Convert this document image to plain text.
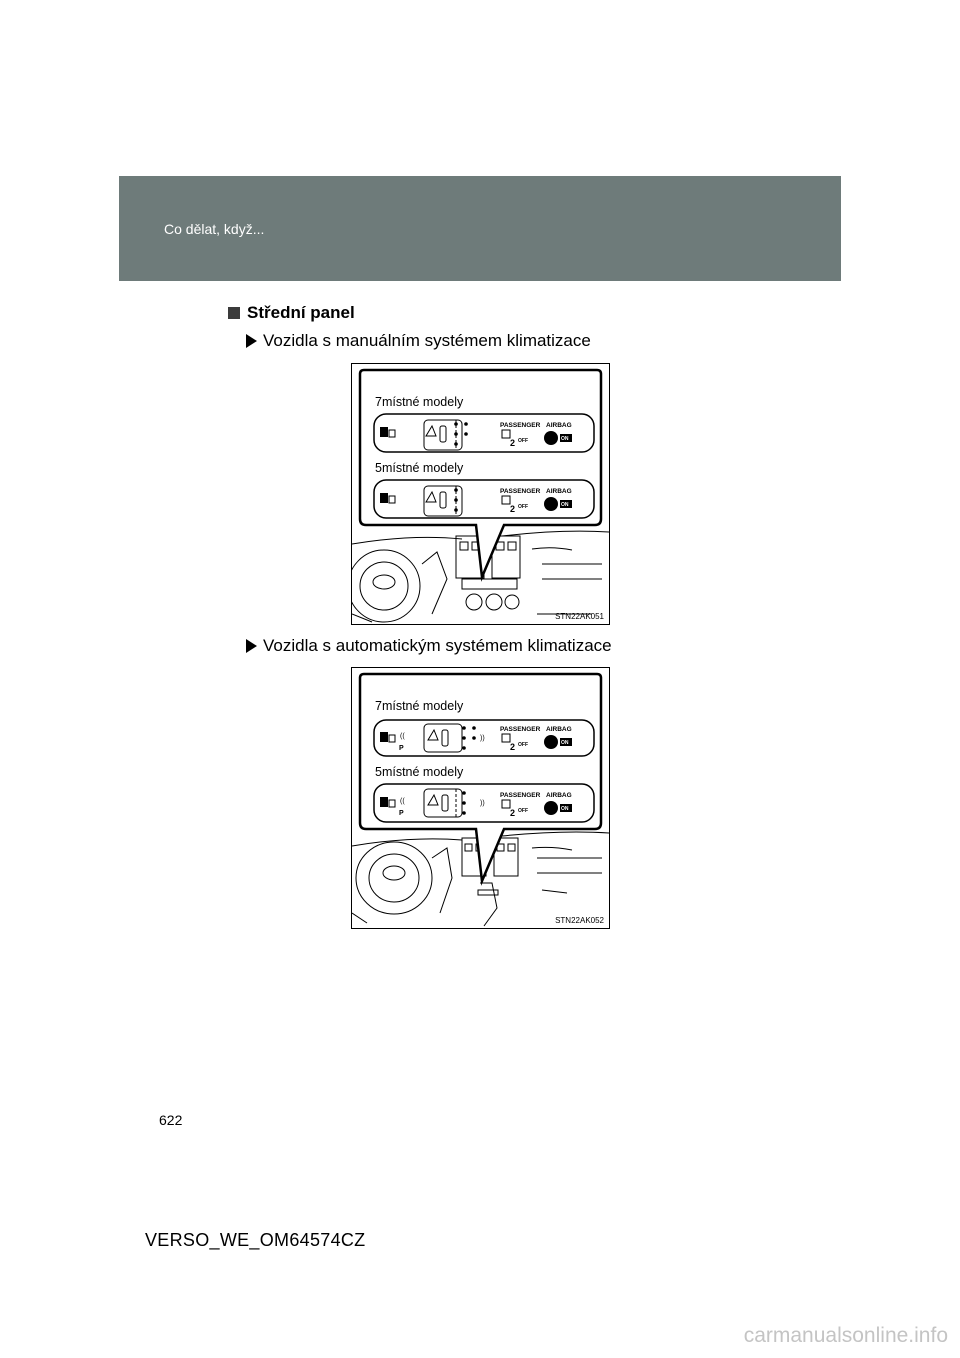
Co dělat, když...
Střední panel
Vozidla s manuálním systémem klimatizace
PASSENGER AIRBAG
2 OFF	ON
PASSENGER AIRBAG
2 OFF	ON
7místné modely
5místné modely
STN22AK051
Vozidla s automatickým systémem klimatizace
((
P
))
PASSENGER AIRBAG
2 OFF	ON
((
P
))
PASSENGER AIRBAG
2 OFF	ON
7místné modely
5místné modely
STN22AK052
622
VERSO_WE_OM64574CZ
carmanualsonline.info
